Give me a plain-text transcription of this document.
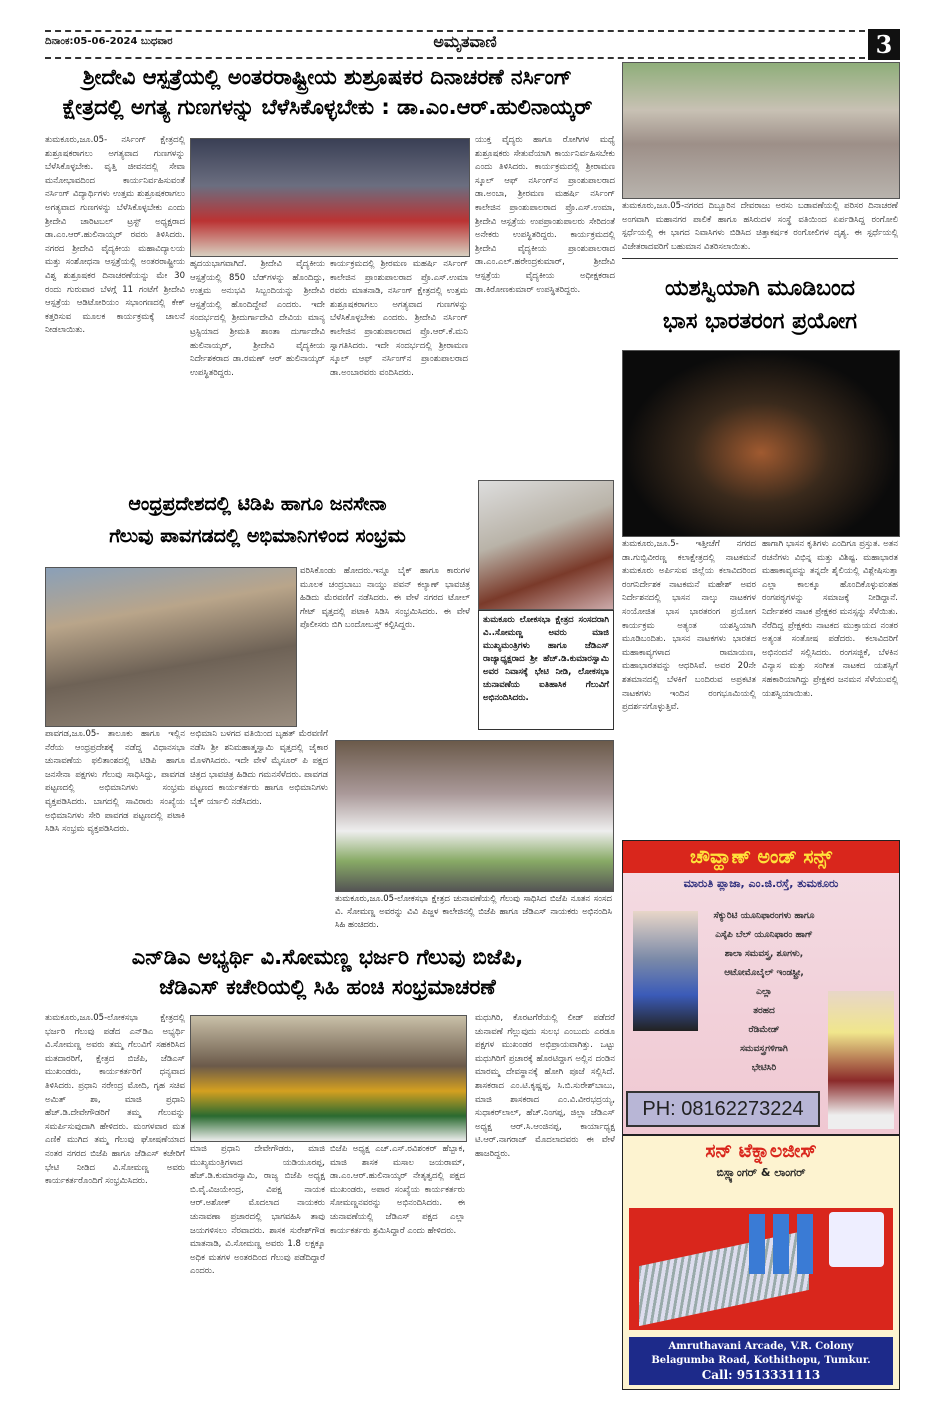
ದಿನಾಂಕ:05-06-2024 ಬುಧವಾರ	ಅಮೃತವಾಣಿ	3
ಶ್ರೀದೇವಿ ಆಸ್ಪತ್ರೆಯಲ್ಲಿ ಅಂತರರಾಷ್ಟ್ರೀಯ ಶುಶ್ರೂಷಕರ ದಿನಾಚರಣೆ ನರ್ಸಿಂಗ್
ಕ್ಷೇತ್ರದಲ್ಲಿ ಅಗತ್ಯ ಗುಣಗಳನ್ನು ಬೆಳೆಸಿಕೊಳ್ಳಬೇಕು : ಡಾ.ಎಂ.ಆರ್.ಹುಲಿನಾಯ್ಕರ್
ತುಮಕೂರು,ಜೂ.05- ನರ್ಸಿಂಗ್ ಕ್ಷೇತ್ರದಲ್ಲಿ ಶುಶ್ರೂಷಕರಾಗಲು ಅಗತ್ಯವಾದ ಗುಣಗಳನ್ನು ಬೆಳೆಸಿಕೊಳ್ಳಬೇಕು. ವೃತ್ತಿ ಜೀವನದಲ್ಲಿ ಸೇವಾ ಮನೋಭಾವದಿಂದ ಕಾರ್ಯನಿರ್ವಹಿಸುವಂತೆ ನರ್ಸಿಂಗ್ ವಿದ್ಯಾರ್ಥಿಗಳು ಉತ್ತಮ ಶುಶ್ರೂಷಕರಾಗಲು ಅಗತ್ಯವಾದ ಗುಣಗಳನ್ನು ಬೆಳೆಸಿಕೊಳ್ಳಬೇಕು ಎಂದು ಶ್ರೀದೇವಿ ಚಾರಿಟಬಲ್ ಟ್ರಸ್ಟ್ ಅಧ್ಯಕ್ಷರಾದ ಡಾ.ಎಂ.ಆರ್.ಹುಲಿನಾಯ್ಕರ್ ರವರು ತಿಳಿಸಿದರು. ನಗರದ ಶ್ರೀದೇವಿ ವೈದ್ಯಕೀಯ ಮಹಾವಿದ್ಯಾಲಯ ಮತ್ತು ಸಂಶೋಧನಾ ಆಸ್ಪತ್ರೆಯಲ್ಲಿ ಅಂತರರಾಷ್ಟ್ರೀಯ ವಿಶ್ವ ಶುಶ್ರೂಷಕರ ದಿನಾಚರಣೆಯನ್ನು ಮೇ 30 ರಂದು ಗುರುವಾರ ಬೆಳಗ್ಗೆ 11 ಗಂಟೆಗೆ ಶ್ರೀದೇವಿ ಆಸ್ಪತ್ರೆಯ ಆಡಿಟೋರಿಯಂ ಸಭಾಂಗಣದಲ್ಲಿ ಕೇಕ್ ಕತ್ತರಿಸುವ ಮೂಲಕ ಕಾರ್ಯಕ್ರಮಕ್ಕೆ ಚಾಲನೆ ನೀಡಲಾಯಿತು.
ಹೃದಯಭಾಗವಾಗಿದೆ. ಶ್ರೀದೇವಿ ವೈದ್ಯಕೀಯ ಆಸ್ಪತ್ರೆಯಲ್ಲಿ 850 ಬೆಡ್‌ಗಳನ್ನು ಹೊಂದಿದ್ದು, ಉತ್ತಮ ಅನುಭವಿ ಸಿಬ್ಬಂದಿಯನ್ನು ಶ್ರೀದೇವಿ ಆಸ್ಪತ್ರೆಯಲ್ಲಿ ಹೊಂದಿದ್ದೇವೆ ಎಂದರು. ಇದೇ ಸಂದರ್ಭದಲ್ಲಿ ಶ್ರೀದುರ್ಗಾದೇವಿ ದೇವಿಯ ಮಾನ್ಯ ಟ್ರಸ್ಟಿಯಾದ ಶ್ರೀಮತಿ ಶಾಂತಾ ದುರ್ಗಾದೇವಿ ಹುಲಿನಾಯ್ಕರ್, ಶ್ರೀದೇವಿ ವೈದ್ಯಕೀಯ ನಿರ್ದೇಶಕರಾದ ಡಾ.ರಮಣ್ ಆರ್ ಹುಲಿನಾಯ್ಕರ್ ಉಪಸ್ಥಿತರಿದ್ದರು.
ಕಾರ್ಯಕ್ರಮದಲ್ಲಿ ಶ್ರೀರಮಣ ಮಹರ್ಷಿ ನರ್ಸಿಂಗ್ ಕಾಲೇಜಿನ ಪ್ರಾಂಶುಪಾಲರಾದ ಪ್ರೊ.ಎಸ್.ಉಮಾ ರವರು ಮಾತನಾಡಿ, ನರ್ಸಿಂಗ್ ಕ್ಷೇತ್ರದಲ್ಲಿ ಉತ್ತಮ ಶುಶ್ರೂಷಕರಾಗಲು ಅಗತ್ಯವಾದ ಗುಣಗಳನ್ನು ಬೆಳೆಸಿಕೊಳ್ಳಬೇಕು ಎಂದರು. ಶ್ರೀದೇವಿ ನರ್ಸಿಂಗ್ ಕಾಲೇಜಿನ ಪ್ರಾಂಶುಪಾಲರಾದ ಪ್ರೊ.ಆರ್.ಕೆ.ಮನಿ ಸ್ವಾಗತಿಸಿದರು. ಇದೇ ಸಂದರ್ಭದಲ್ಲಿ ಶ್ರೀರಾಮಣ ಸ್ಕೂಲ್ ಆಫ್ ನರ್ಸಿಂಗ್‌ನ ಪ್ರಾಂಶುಪಾಲರಾದ ಡಾ.ಅಂಬಾರವರು ವಂದಿಸಿದರು.
ಯುಕ್ತ ವೈದ್ಯರು ಹಾಗೂ ರೋಗಿಗಳ ಮಧ್ಯೆ ಶುಶ್ರೂಷಕರು ಸೇತುವೆಯಾಗಿ ಕಾರ್ಯನಿರ್ವಹಿಸಬೇಕು ಎಂದು ತಿಳಿಸಿದರು. ಕಾರ್ಯಕ್ರಮದಲ್ಲಿ ಶ್ರೀರಾಮಣ ಸ್ಕೂಲ್ ಆಫ್ ನರ್ಸಿಂಗ್‌ನ ಪ್ರಾಂಶುಪಾಲರಾದ ಡಾ.ಅಂಬಾ, ಶ್ರೀರಮಣ ಮಹರ್ಷಿ ನರ್ಸಿಂಗ್ ಕಾಲೇಜಿನ ಪ್ರಾಂಶುಪಾಲರಾದ ಪ್ರೊ.ಎಸ್.ಉಮಾ, ಶ್ರೀದೇವಿ ಆಸ್ಪತ್ರೆಯ ಉಪಪ್ರಾಂಶುಪಾಲರು ಸೇರಿದಂತೆ ಅನೇಕರು ಉಪಸ್ಥಿತರಿದ್ದರು. ಕಾರ್ಯಕ್ರಮದಲ್ಲಿ ಶ್ರೀದೇವಿ ವೈದ್ಯಕೀಯ ಪ್ರಾಂಶುಪಾಲರಾದ ಡಾ.ಎಂ.ಎಲ್.ಹರೇಂದ್ರಕುಮಾರ್, ಶ್ರೀದೇವಿ ಆಸ್ಪತ್ರೆಯ ವೈದ್ಯಕೀಯ ಅಧೀಕ್ಷಕರಾದ ಡಾ.ಕಿರೋಣಕುಮಾರ್ ಉಪಸ್ಥಿತರಿದ್ದರು.
ತುಮಕೂರು,ಜೂ.05-ನಗರದ ದಿಬ್ಬೂರಿನ ದೇವರಾಜು ಅರಸು ಬಡಾವಣೆಯಲ್ಲಿ ಪರಿಸರ ದಿನಾಚರಣೆ ಅಂಗವಾಗಿ ಮಹಾನಗರ ಪಾಲಿಕೆ ಹಾಗೂ ಹಸಿರುದಳ ಸಂಸ್ಥೆ ವತಿಯಿಂದ ಏರ್ಪಡಿಸಿದ್ದ ರಂಗೋಲಿ ಸ್ಪರ್ಧೆಯಲ್ಲಿ ಈ ಭಾಗದ ನಿವಾಸಿಗಳು ಬಿಡಿಸಿದ ಚಿತ್ತಾಕರ್ಷಕ ರಂಗೋಲಿಗಳ ದೃಶ್ಯ. ಈ ಸ್ಪರ್ಧೆಯಲ್ಲಿ ವಿಜೇತರಾದವರಿಗೆ ಬಹುಮಾನ ವಿತರಿಸಲಾಯಿತು.
ಯಶಸ್ವಿಯಾಗಿ ಮೂಡಿಬಂದ
ಭಾಸ ಭಾರತರಂಗ ಪ್ರಯೋಗ
ತುಮಕೂರು,ಜೂ.5- ಇತ್ತೀಚೆಗೆ ನಗರದ ಡಾ.ಗುಬ್ಬಿವೀರಣ್ಣ ಕಲಾಕ್ಷೇತ್ರದಲ್ಲಿ ನಾಟಕಮನೆ ತುಮಕೂರು ಅರ್ಪಿಸುವ ಜಿಲ್ಲೆಯ ಕಲಾವಿದರಿಂದ ರಂಗನಿರ್ದೇಶಕ ನಾಟಕಮನೆ ಮಹೇಶ್ ಅವರ ನಿರ್ದೇಶನದಲ್ಲಿ ಭಾಸನ ನಾಲ್ಕು ನಾಟಕಗಳ ಸಂಯೋಜಿತ ಭಾಸ ಭಾರತರಂಗ ಪ್ರಯೋಗ ಕಾರ್ಯಕ್ರಮ ಅತ್ಯಂತ ಯಶಸ್ವಿಯಾಗಿ ಮೂಡಿಬಂದಿತು. ಭಾಸನ ನಾಟಕಗಳು ಭಾರತದ ಮಹಾಕಾವ್ಯಗಳಾದ ರಾಮಾಯಣ, ಮಹಾಭಾರತವನ್ನು ಆಧರಿಸಿವೆ. ಅವರ 20ನೇ ಶತಮಾನದಲ್ಲಿ ಬೆಳಕಿಗೆ ಬಂದಿರುವ ಅಪ್ರಕಟಿತ ನಾಟಕಗಳು ಇಂದಿನ ರಂಗಭೂಮಿಯಲ್ಲಿ ಪ್ರದರ್ಶನಗೊಳ್ಳುತ್ತಿವೆ.
ಹಾಗಾಗಿ ಭಾಸನ ಕೃತಿಗಳು ಎಂದಿಗೂ ಪ್ರಸ್ತುತ. ಅತನ ರಚನೆಗಳು ವಿಭಿನ್ನ ಮತ್ತು ವಿಶಿಷ್ಟ. ಮಹಾಭಾರತ ಮಹಾಕಾವ್ಯವನ್ನು ತನ್ನದೇ ಶೈಲಿಯಲ್ಲಿ ವಿಶ್ಲೇಷಿಸುತ್ತಾ ಎಲ್ಲಾ ಕಾಲಕ್ಕೂ ಹೊಂದಿಕೊಳ್ಳುವಂತಹ ರಂಗಪಠ್ಯಗಳನ್ನು ಸಮಾಜಕ್ಕೆ ನೀಡಿದ್ದಾನೆ. ನಿರ್ದೇಶಕರ ನಾಟಕ ಪ್ರೇಕ್ಷಕರ ಮನಸ್ಸನ್ನು ಸೆಳೆಯಿತು. ನೆರೆದಿದ್ದ ಪ್ರೇಕ್ಷಕರು ನಾಟಕದ ಮುಕ್ತಾಯದ ನಂತರ ಅತ್ಯಂತ ಸಂತೋಷ ಪಡೆದರು. ಕಲಾವಿದರಿಗೆ ಅಭಿನಂದನೆ ಸಲ್ಲಿಸಿದರು. ರಂಗಸಜ್ಜಿಕೆ, ಬೆಳಕಿನ ವಿನ್ಯಾಸ ಮತ್ತು ಸಂಗೀತ ನಾಟಕದ ಯಶಸ್ಸಿಗೆ ಸಹಕಾರಿಯಾಗಿದ್ದು ಪ್ರೇಕ್ಷಕರ ಜನಮನ ಸೆಳೆಯುವಲ್ಲಿ ಯಶಸ್ವಿಯಾಯಿತು.
ಆಂಧ್ರಪ್ರದೇಶದಲ್ಲಿ ಟಿಡಿಪಿ ಹಾಗೂ ಜನಸೇನಾ
ಗೆಲುವು ಪಾವಗಡದಲ್ಲಿ ಅಭಿಮಾನಿಗಳಿಂದ ಸಂಭ್ರಮ
ವರಿಸಿಕೊಂಡು ಹೋದರು.ಇನ್ನೂ ಬೈಕ್ ಹಾಗೂ ಕಾರುಗಳ ಮೂಲಕ ಚಂದ್ರಬಾಬು ನಾಯ್ಡು ಪವನ್ ಕಲ್ಯಾಣ್ ಭಾವಚಿತ್ರ ಹಿಡಿದು ಮೆರವಣಿಗೆ ನಡೆಸಿದರು. ಈ ವೇಳೆ ನಗರದ ಟೋಲ್ ಗೇಟ್ ವೃತ್ತದಲ್ಲಿ ಪಟಾಕಿ ಸಿಡಿಸಿ ಸಂಭ್ರಮಿಸಿದರು. ಈ ವೇಳೆ ಪೊಲೀಸರು ಬಿಗಿ ಬಂದೋಬಸ್ತ್ ಕಲ್ಪಿಸಿದ್ದರು.
ತುಮಕೂರು ಲೋಕಸಭಾ ಕ್ಷೇತ್ರದ ಸಂಸದರಾಗಿ ವಿ..ಸೋಮಣ್ಣ ಅವರು ಮಾಜಿ ಮುಖ್ಯಮಂತ್ರಿಗಳು ಹಾಗೂ ಜೆಡಿಎಸ್ ರಾಜ್ಯಾಧ್ಯಕ್ಷರಾದ ಶ್ರೀ ಹೆಚ್.ಡಿ.ಕುಮಾರಸ್ವಾಮಿ ಅವರ ನಿವಾಸಕ್ಕೆ ಭೇಟಿ ನೀಡಿ, ಲೋಕಸಭಾ ಚುನಾವಣೆಯ ಐತಿಹಾಸಿಕ ಗೆಲುವಿಗೆ ಅಭಿನಂದಿಸಿದರು.
ಪಾವಗಡ,ಜೂ.05- ತಾಲೂಕು ಹಾಗೂ ಇಲ್ಲಿನ ನೆರೆಯ ಆಂಧ್ರಪ್ರದೇಶಕ್ಕೆ ನಡೆದ್ದ ವಿಧಾನಸಭಾ ಚುನಾವಣೆಯ ಫಲಿತಾಂಶದಲ್ಲಿ ಟಿಡಿಪಿ ಹಾಗೂ ಜನಸೇನಾ ಪಕ್ಷಗಳು ಗೆಲುವು ಸಾಧಿಸಿದ್ದು, ಪಾವಗಡ ಪಟ್ಟಣದಲ್ಲಿ ಅಭಿಮಾನಿಗಳು ಸಂಭ್ರಮ ವ್ಯಕ್ತಪಡಿಸಿದರು. ಬಾಗದಲ್ಲಿ ಸಾವಿರಾರು ಸಂಖ್ಯೆಯ ಅಭಿಮಾನಿಗಳು ಸೇರಿ ಪಾವಗಡ ಪಟ್ಟಣದಲ್ಲಿ ಪಟಾಕಿ ಸಿಡಿಸಿ ಸಂಭ್ರಮ ವ್ಯಕ್ತಪಡಿಸಿದರು.
ಅಭಿಮಾನಿ ಬಳಗದ ವತಿಯಿಂದ ಬೃಹತ್ ಮೆರವಣಿಗೆ ನಡೆಸಿ ಶ್ರೀ ಶನಿಮಹಾತ್ಮಸ್ವಾಮಿ ವೃತ್ತದಲ್ಲಿ ಜೈಕಾರ ಮೊಳಗಿಸಿದರು. ಇದೇ ವೇಳೆ ಮೈಸೂರ್ ಪಿ ಪಕ್ಷದ ಚಿತ್ರದ ಭಾವಚಿತ್ರ ಹಿಡಿದು ಗಮನಸೆಳೆದರು. ಪಾವಗಡ ಪಟ್ಟಣದ ಕಾರ್ಯಕರ್ತರು ಹಾಗೂ ಅಭಿಮಾನಿಗಳು ಬೈಕ್ ರ್ಯಾಲಿ ನಡೆಸಿದರು.
ತುಮಕೂರು,ಜೂ.05-ಲೋಕಸಭಾ ಕ್ಷೇತ್ರದ ಚುನಾವಣೆಯಲ್ಲಿ ಗೆಲುವು ಸಾಧಿಸಿದ ಬಿಜೆಪಿ ನೂತನ ಸಂಸದ ವಿ. ಸೋಮಣ್ಣ ಅವರನ್ನು ವಿವಿ ಪಿಜ್ಜಳ ಕಾಲೇಜಿನಲ್ಲಿ ಬಿಜೆಪಿ ಹಾಗೂ ಜೆಡಿಎಸ್ ನಾಯಕರು ಅಭಿನಂದಿಸಿ ಸಿಹಿ ಹಂಚಿದರು.
ಎನ್‌ಡಿಎ ಅಭ್ಯರ್ಥಿ ವಿ.ಸೋಮಣ್ಣ ಭರ್ಜರಿ ಗೆಲುವು ಬಿಜೆಪಿ,
ಜೆಡಿಎಸ್ ಕಚೇರಿಯಲ್ಲಿ ಸಿಹಿ ಹಂಚಿ ಸಂಭ್ರಮಾಚರಣೆ
ತುಮಕೂರು,ಜೂ.05-ಲೋಕಸಭಾ ಕ್ಷೇತ್ರದಲ್ಲಿ ಭರ್ಜರಿ ಗೆಲುವು ಪಡೆದ ಎನ್‌ಡಿಎ ಅಭ್ಯರ್ಥಿ ವಿ.ಸೋಮಣ್ಣ ಅವರು ತಮ್ಮ ಗೆಲುವಿಗೆ ಸಹಕರಿಸಿದ ಮತದಾರರಿಗೆ, ಕ್ಷೇತ್ರದ ಬಿಜೆಪಿ, ಜೆಡಿಎಸ್ ಮುಖಂಡರು, ಕಾರ್ಯಕರ್ತರಿಗೆ ಧನ್ಯವಾದ ತಿಳಿಸಿದರು. ಪ್ರಧಾನಿ ನರೇಂದ್ರ ಮೋದಿ, ಗೃಹ ಸಚಿವ ಅಮಿತ್ ಶಾ, ಮಾಜಿ ಪ್ರಧಾನಿ ಹೆಚ್.ಡಿ.ದೇವೇಗೌಡರಿಗೆ ತಮ್ಮ ಗೆಲುವನ್ನು ಸಮರ್ಪಿಸುವುದಾಗಿ ಹೇಳಿದರು. ಮಂಗಳವಾರ ಮತ ಎಣಿಕೆ ಮುಗಿದ ತಮ್ಮ ಗೆಲುವು ಘೋಷಣೆಯಾದ ನಂತರ ನಗರದ ಬಿಜೆಪಿ ಹಾಗೂ ಜೆಡಿಎಸ್ ಕಚೇರಿಗೆ ಭೇಟಿ ನೀಡಿದ ವಿ.ಸೋಮಣ್ಣ ಅವರು ಕಾರ್ಯಕರ್ತರೊಂದಿಗೆ ಸಂಭ್ರಮಿಸಿದರು.
ಮಾಜಿ ಪ್ರಧಾನಿ ದೇವೇಗೌಡರು, ಮಾಜಿ ಮುಖ್ಯಮಂತ್ರಿಗಳಾದ ಯಡಿಯೂರಪ್ಪ, ಹೆಚ್.ಡಿ.ಕುಮಾರಸ್ವಾಮಿ, ರಾಜ್ಯ ಬಿಜೆಪಿ ಅಧ್ಯಕ್ಷ ಬಿ.ವೈ.ವಿಜಯೇಂದ್ರ, ವಿಪಕ್ಷ ನಾಯಕ ಆರ್.ಅಶೋಕ್ ಮೊದಲಾದ ನಾಯಕರು ಚುನಾವಣಾ ಪ್ರಚಾರದಲ್ಲಿ ಭಾಗವಹಿಸಿ ತಾವು ಜಯಗಳಿಸಲು ನೆರವಾದರು. ಶಾಸಕ ಸುರೇಶ್‌ಗೌಡ ಮಾತನಾಡಿ, ವಿ.ಸೋಮಣ್ಣ ಅವರು 1.8 ಲಕ್ಷಕ್ಕೂ ಅಧಿಕ ಮತಗಳ ಅಂತರದಿಂದ ಗೆಲುವು ಪಡೆದಿದ್ದಾರೆ ಎಂದರು.
ಬಿಜೆಪಿ ಅಧ್ಯಕ್ಷ ಎಚ್.ಎಸ್.ರವಿಶಂಕರ್ ಹೆಬ್ಬಾಕ, ಮಾಜಿ ಶಾಸಕ ಮಸಾಲ ಜಯರಾಮ್, ಡಾ.ಎಂ.ಆರ್.ಹುಲಿನಾಯ್ಕರ್ ನೇತೃತ್ವದಲ್ಲಿ ಪಕ್ಷದ ಮುಖಂಡರು, ಅಪಾರ ಸಂಖ್ಯೆಯ ಕಾರ್ಯಕರ್ತರು ಸೋಮಣ್ಣನವರನ್ನು ಅಭಿನಂದಿಸಿದರು. ಈ ಚುನಾವಣೆಯಲ್ಲಿ ಜೆಡಿಎಸ್ ಪಕ್ಷದ ಎಲ್ಲಾ ಕಾರ್ಯಕರ್ತರು ಶ್ರಮಿಸಿದ್ದಾರೆ ಎಂದು ಹೇಳಿದರು.
ಮಧುಗಿರಿ, ಕೊರಟಗೆರೆಯಲ್ಲಿ ಲೀಡ್ ಪಡೆದರೆ ಚುನಾವಣೆ ಗೆಲ್ಲುವುದು ಸುಲಭ ಎಂಬುದು ಎರಡೂ ಪಕ್ಷಗಳ ಮುಖಂಡರ ಅಭಿಪ್ರಾಯವಾಗಿತ್ತು. ಒಟ್ಟು ಮಧುಗಿರಿಗೆ ಪ್ರಚಾರಕ್ಕೆ ಹೊರಟಿದ್ದಾಗ ಅಲ್ಲಿನ ದಂಡಿನ ಮಾರಮ್ಮ ದೇವಸ್ಥಾನಕ್ಕೆ ಹೋಗಿ ಪೂಜೆ ಸಲ್ಲಿಸಿದೆ. ಶಾಸಕರಾದ ಎಂ.ಟಿ.ಕೃಷ್ಣಪ್ಪ, ಸಿ.ಬಿ.ಸುರೇಶ್‌ಬಾಬು, ಮಾಜಿ ಶಾಸಕರಾದ ಎಂ.ವಿ.ವೀರಭದ್ರಯ್ಯ, ಸುಧಾಕರ್‌ಲಾಲ್, ಹೆಚ್.ನಿಂಗಪ್ಪ, ಜಿಲ್ಲಾ ಜೆಡಿಎಸ್ ಅಧ್ಯಕ್ಷ ಆರ್.ಸಿ.ಆಂಜಿನಪ್ಪ, ಕಾರ್ಯಾಧ್ಯಕ್ಷ ಟಿ.ಆರ್.ನಾಗರಾಜ್ ಮೊದಲಾದವರು ಈ ವೇಳೆ ಹಾಜರಿದ್ದರು.
ಚೌವ್ಹಾಣ್ ಅಂಡ್ ಸನ್ಸ್
ಮಾರುತಿ ಪ್ಲಾಜಾ, ಎಂ.ಜಿ.ರಸ್ತೆ, ತುಮಕೂರು
ಸೆಕ್ಯುರಿಟಿ ಯೂನಿಫಾರಂಗಳು ಹಾಗೂ
ಎಸ್ಕೆಪಿ ಬೆಲ್ ಯೂನಿಫಾರಂ ಹಾಗ್
ಶಾಲಾ ಸಮವಸ್ತ್ರ, ಶೂಗಳು,
ಆಟೋಮೊಬೈಲ್ ಇಂಡಸ್ಟ್ರೀ,
ಎಲ್ಲಾ
ತರಹದ
ರೆಡಿಮೇಡ್
ಸಮವಸ್ತ್ರಗಳಿಗಾಗಿ
ಭೇಟಿಸಿರಿ
PH: 08162273224
ಸನ್ ಟೆಕ್ನಾಲಜೀಸ್
ಬಿಸ್ಲ್ಯಾಂಗರ್ & ಲಾಂಗರ್
Amruthavani Arcade, V.R. Colony
Belagumba Road, Kothithopu, Tumkur.
Call: 9513331113
